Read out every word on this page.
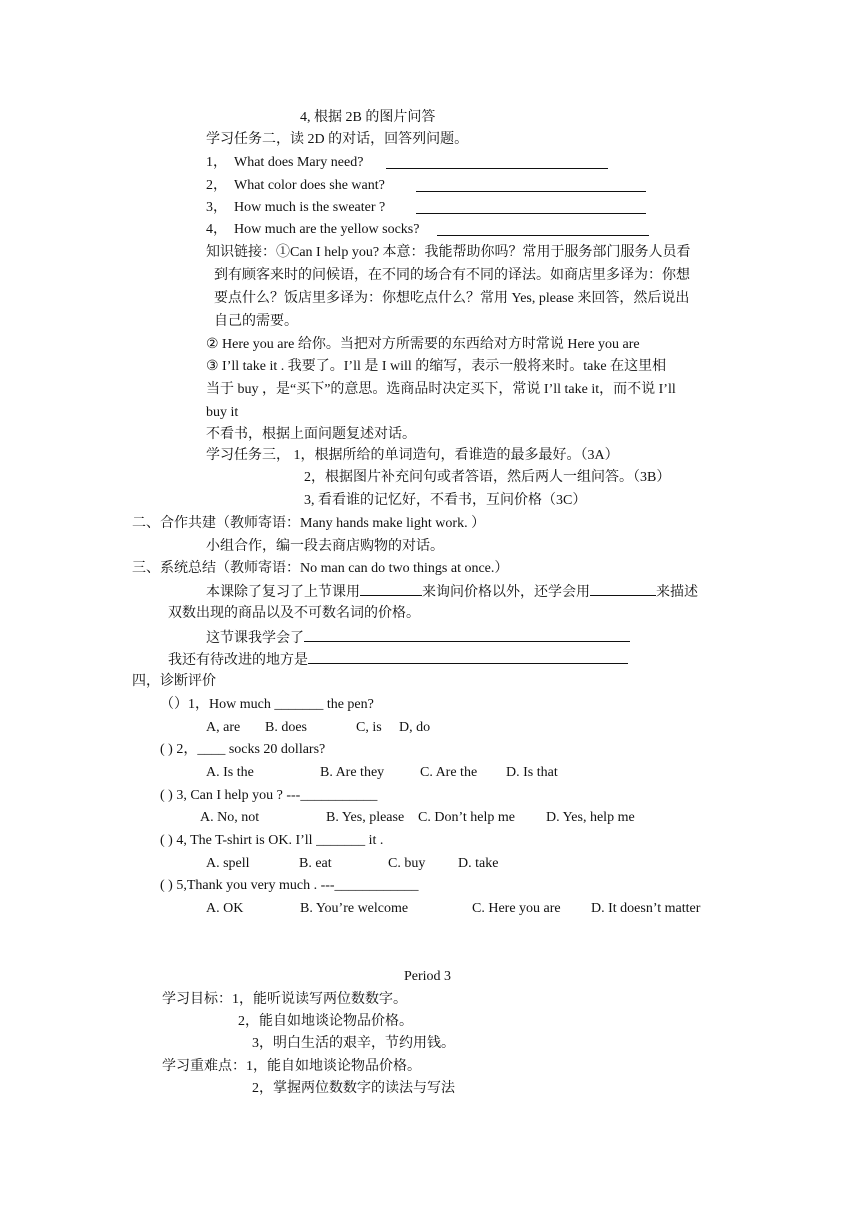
4, 根据 2B 的图片问答
学习任务二，读 2D 的对话，回答列问题。
1， What does Mary need?
2， What color does she want?
3， How much is the sweater ?
4， How much are the yellow socks?
知识链接：①Can I help you? 本意：我能帮助你吗？常用于服务部门服务人员看
到有顾客来时的问候语，在不同的场合有不同的译法。如商店里多译为：你想
要点什么？饭店里多译为：你想吃点什么？常用 Yes, please 来回答，然后说出
自己的需要。
② Here you are 给你。当把对方所需要的东西给对方时常说 Here you are
③ I’ll take it . 我要了。I’ll 是 I will 的缩写，表示一般将来时。take 在这里相
当于 buy ，是“买下”的意思。选商品时决定买下，常说 I’ll take it，而不说 I’ll
buy it
不看书，根据上面问题复述对话。
学习任务三， 1，根据所给的单词造句，看谁造的最多最好。（3A）
2，根据图片补充问句或者答语，然后两人一组问答。（3B）
3, 看看谁的记忆好，不看书，互问价格（3C）
二、合作共建（教师寄语：Many hands make light work. ）
小组合作，编一段去商店购物的对话。
三、系统总结（教师寄语：No man can do two things at once.）
本课除了复习了上节课用	来询问价格以外，还学会用	来描述
双数出现的商品以及不可数名词的价格。
这节课我学会了
我还有待改进的地方是
四，诊断评价
（）1，How much _______ the pen?
A, are B. does	C, is D, do
( ) 2，____ socks 20 dollars?
A. Is the	B. Are they	C. Are the D. Is that
( ) 3, Can I help you ? ---___________
A. No, not	B. Yes, please C. Don’t help me D. Yes, help me
( ) 4, The T-shirt is OK. I’ll _______ it .
A. spell	B. eat	C. buy D. take
( ) 5,Thank you very much . ---____________
A. OK	B. You’re welcome	C. Here you are D. It doesn’t matter
Period 3
学习目标：1，能听说读写两位数数字。
2，能自如地谈论物品价格。
3，明白生活的艰辛，节约用钱。
学习重难点：1，能自如地谈论物品价格。
2，掌握两位数数字的读法与写法
